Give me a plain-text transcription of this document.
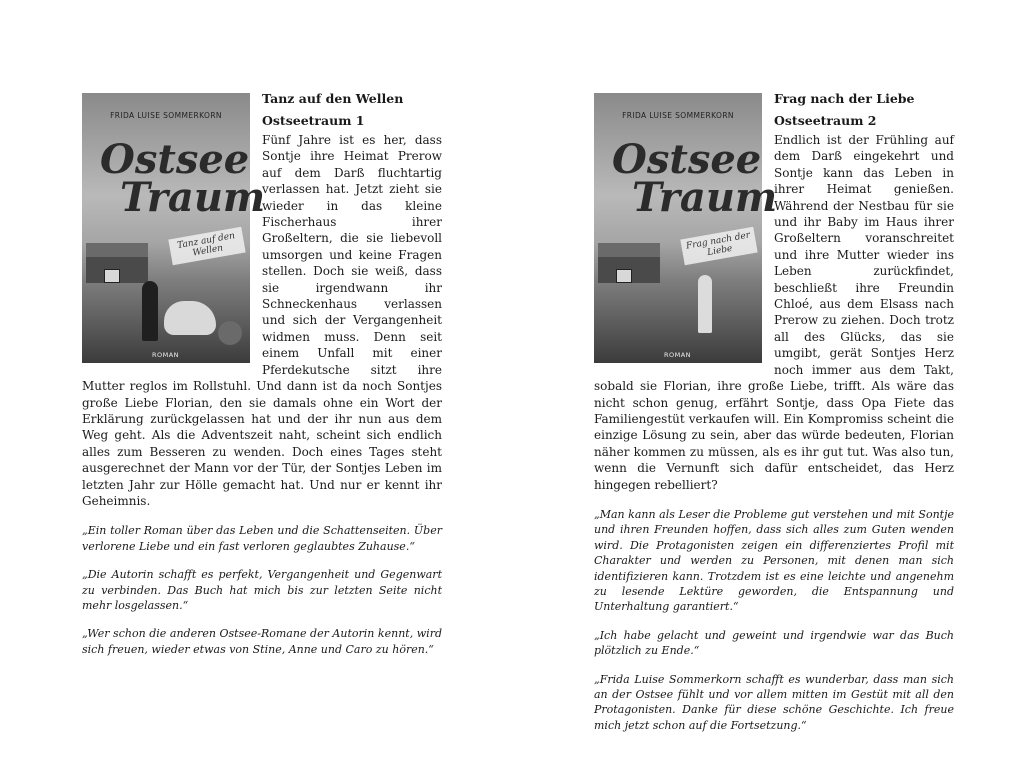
FRIDA LUISE SOMMERKORN
Ostsee
Traum
Tanz auf den Wellen
ROMAN
Tanz auf den Wellen
Ostseetraum 1

Fünf Jahre ist es her, dass Sontje ihre Heimat Prerow auf dem Darß fluchtartig verlassen hat. Jetzt zieht sie wieder in das kleine Fischerhaus ihrer Großeltern, die sie liebevoll umsorgen und keine Fragen stellen. Doch sie weiß, dass sie irgendwann ihr Schneckenhaus verlassen und sich der Vergangenheit widmen muss. Denn seit einem Unfall mit einer Pferdekutsche sitzt ihre Mutter reglos im Rollstuhl. Und dann ist da noch Sontjes große Liebe Florian, den sie damals ohne ein Wort der Erklärung zurückgelassen hat und der ihr nun aus dem Weg geht. Als die Adventszeit naht, scheint sich endlich alles zum Besseren zu wenden. Doch eines Tages steht ausgerechnet der Mann vor der Tür, der Sontjes Leben im letzten Jahr zur Hölle gemacht hat. Und nur er kennt ihr Geheimnis.

„Ein toller Roman über das Leben und die Schattenseiten. Über verlorene Liebe und ein fast verloren geglaubtes Zuhause.“

„Die Autorin schafft es perfekt, Vergangenheit und Gegenwart zu verbinden. Das Buch hat mich bis zur letzten Seite nicht mehr losgelassen.“

„Wer schon die anderen Ostsee-Romane der Autorin kennt, wird sich freuen, wieder etwas von Stine, Anne und Caro zu hören.“

FRIDA LUISE SOMMERKORN
Ostsee
Traum
Frag nach der Liebe
ROMAN
Frag nach der Liebe
Ostseetraum 2

Endlich ist der Frühling auf dem Darß eingekehrt und Sontje kann das Leben in ihrer Heimat genießen. Während der Nestbau für sie und ihr Baby im Haus ihrer Großeltern voranschreitet und ihre Mutter wieder ins Leben zurückfindet, beschließt ihre Freundin Chloé, aus dem Elsass nach Prerow zu ziehen. Doch trotz all des Glücks, das sie umgibt, gerät Sontjes Herz noch immer aus dem Takt, sobald sie Florian, ihre große Liebe, trifft. Als wäre das nicht schon genug, erfährt Sontje, dass Opa Fiete das Familiengestüt verkaufen will. Ein Kompromiss scheint die einzige Lösung zu sein, aber das würde bedeuten, Florian näher kommen zu müssen, als es ihr gut tut. Was also tun, wenn die Vernunft sich dafür entscheidet, das Herz hingegen rebelliert?

„Man kann als Leser die Probleme gut verstehen und mit Sontje und ihren Freunden hoffen, dass sich alles zum Guten wenden wird. Die Protagonisten zeigen ein differenziertes Profil mit Charakter und werden zu Personen, mit denen man sich identifizieren kann. Trotzdem ist es eine leichte und angenehm zu lesende Lektüre geworden, die Entspannung und Unterhaltung garantiert.“

„Ich habe gelacht und geweint und irgendwie war das Buch plötzlich zu Ende.“

„Frida Luise Sommerkorn schafft es wunderbar, dass man sich an der Ostsee fühlt und vor allem mitten im Gestüt mit all den Protagonisten. Danke für diese schöne Geschichte. Ich freue mich jetzt schon auf die Fortsetzung.“
